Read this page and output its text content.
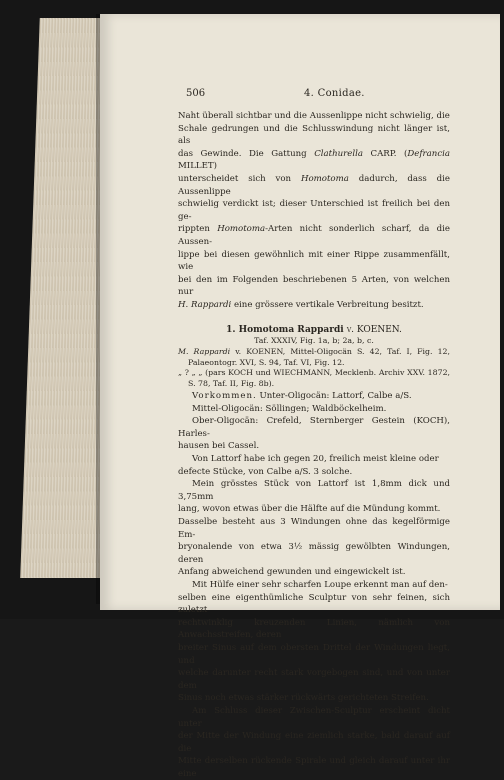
506	4. Conidae.

Naht überall sichtbar und die Aussenlippe nicht schwielig, die

Schale gedrungen und die Schlusswindung nicht länger ist, als

das Gewinde. Die Gattung Clathurella CARP. (Defrancia MILLET)

unterscheidet sich von Homotoma dadurch, dass die Aussenlippe

schwielig verdickt ist; dieser Unterschied ist freilich bei den ge-

rippten Homotoma-Arten nicht sonderlich scharf, da die Aussen-

lippe bei diesen gewöhnlich mit einer Rippe zusammenfällt, wie

bei den im Folgenden beschriebenen 5 Arten, von welchen nur

H. Rappardi eine grössere vertikale Verbreitung besitzt.

1. Homotoma Rappardi v. KOENEN.

Taf. XXXIV, Fig. 1a, b; 2a, b, c.

M. Rappardi v. KOENEN, Mittel-Oligocän S. 42, Taf. I, Fig. 12, Palaeontogr. XVI, S. 94, Taf. VI, Fig. 12.

„ ? „ „ (pars KOCH und WIECHMANN, Mecklenb. Archiv XXV. 1872, S. 78, Taf. II, Fig. 8b).

Vorkommen. Unter-Oligocän: Lattorf, Calbe a/S.

Mittel-Oligocän: Söllingen; Waldböckelheim.

Ober-Oligocän: Crefeld, Sternberger Gestein (KOCH), Harles-

hausen bei Cassel.

Von Lattorf habe ich gegen 20, freilich meist kleine oder

defecte Stücke, von Calbe a/S. 3 solche.

Mein grösstes Stück von Lattorf ist 1,8mm dick und 3,75mm

lang, wovon etwas über die Hälfte auf die Mündung kommt.

Dasselbe besteht aus 3 Windungen ohne das kegelförmige Em-

bryonalende von etwa 3½ mässig gewölbten Windungen, deren

Anfang abweichend gewunden und eingewickelt ist.

Mit Hülfe einer sehr scharfen Loupe erkennt man auf den-

selben eine eigenthümliche Sculptur von sehr feinen, sich zuletzt

rechtwinklig kreuzenden Linien, nämlich von Anwachsstreifen, deren

breiter Sinus auf dem obersten Drittel der Windungen liegt, und

welche darunter recht stark vorgebogen sind, und von unter dem

Sinus noch etwas stärker rückwärts gerichteten Streifen.

Am Schluss dieser Zwischen-Sculptur erscheint dicht unter

der Mitte der Windung eine ziemlich starke, bald darauf auf die

Mitte derselben rückende Spirale und gleich darauf unter ihr eine
